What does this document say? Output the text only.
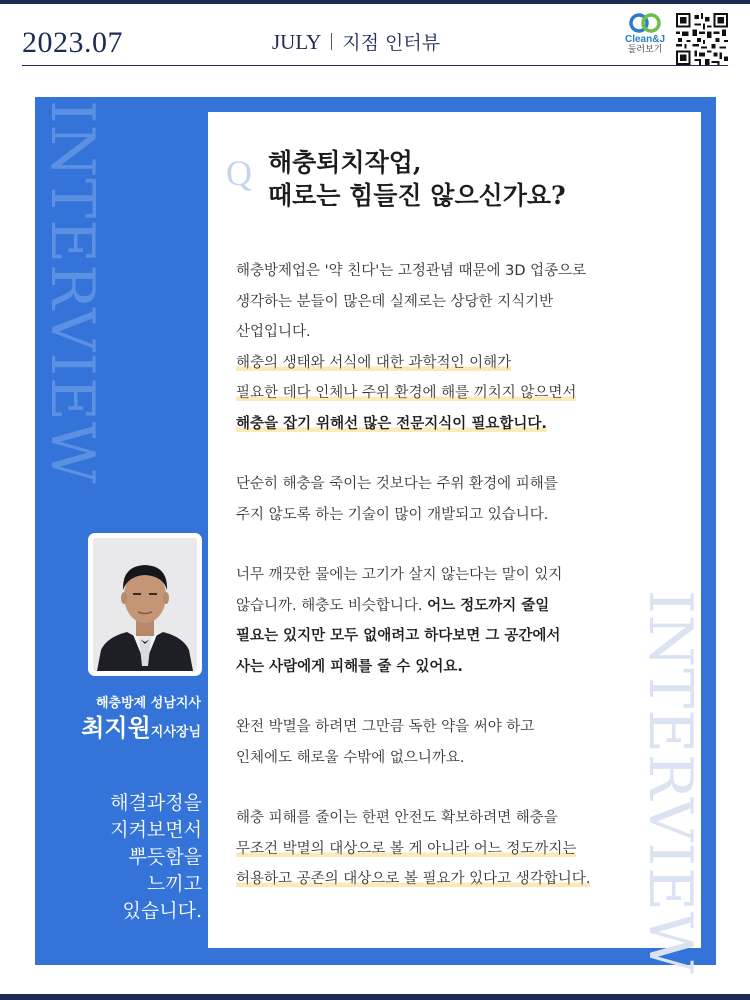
2023.07	JULY 지점 인터뷰	Clean&J
둘러보기
INTERVIEW
INTERVIEW
해충방제 성남지사
최지원지사장님
해결과정을
지켜보면서
뿌듯함을
느끼고
있습니다.
Q 해충퇴치작업,
때로는 힘들진 않으신가요?
해충방제업은 '약 친다'는 고정관념 때문에 3D 업종으로
생각하는 분들이 많은데 실제로는 상당한 지식기반
산업입니다.
해충의 생태와 서식에 대한 과학적인 이해가
필요한 데다 인체나 주위 환경에 해를 끼치지 않으면서
해충을 잡기 위해선 많은 전문지식이 필요합니다.
단순히 해충을 죽이는 것보다는 주위 환경에 피해를
주지 않도록 하는 기술이 많이 개발되고 있습니다.
너무 깨끗한 물에는 고기가 살지 않는다는 말이 있지
않습니까. 해충도 비슷합니다. 어느 정도까지 줄일
필요는 있지만 모두 없애려고 하다보면 그 공간에서
사는 사람에게 피해를 줄 수 있어요.
완전 박멸을 하려면 그만큼 독한 약을 써야 하고
인체에도 해로울 수밖에 없으니까요.
해충 피해를 줄이는 한편 안전도 확보하려면 해충을
무조건 박멸의 대상으로 볼 게 아니라 어느 정도까지는
허용하고 공존의 대상으로 볼 필요가 있다고 생각합니다.
